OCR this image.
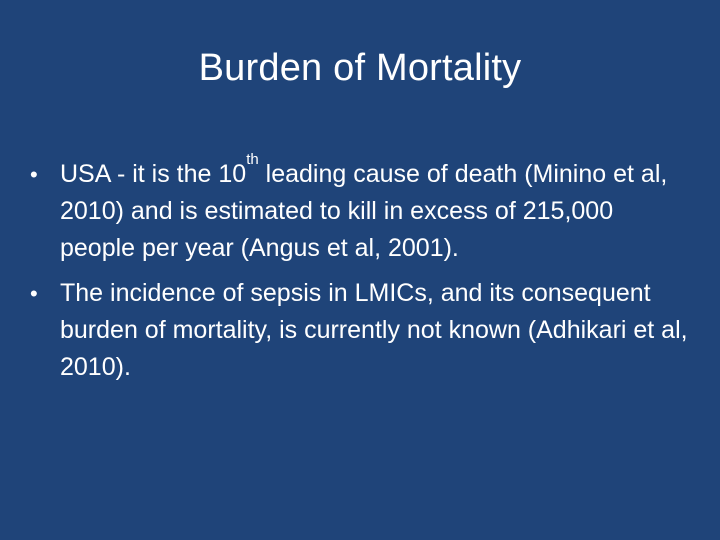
Burden of Mortality
• USA - it is the 10th leading cause of death (Minino et al, 2010) and is estimated to kill in excess of 215,000 people per year (Angus et al, 2001).
• The incidence of sepsis in LMICs, and its consequent burden of mortality, is currently not known (Adhikari et al, 2010).
